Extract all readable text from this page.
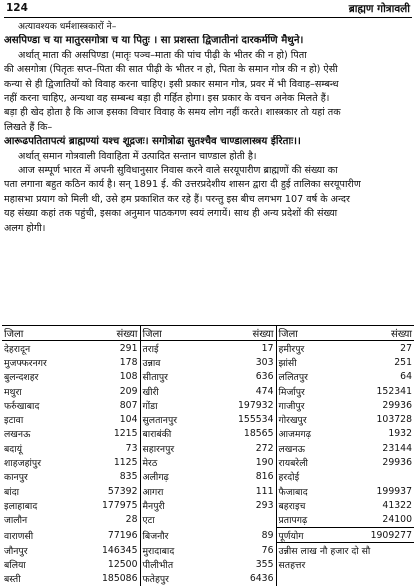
124	ब्राह्मण गोत्रावली

अत्यावश्यक धर्मशास्त्रकारों ने–

असपिण्डा च या मातुरसगोत्रा च या पितुः । सा प्रशस्ता द्विजातीनां दारकर्मणि मैथुने।

अर्थात् माता की असपिण्डा (मातृः पञ्च–माता की पांच पीढ़ी के भीतर की न हो) पिता

की असगोत्रा (पितृतः सप्त–पिता की सात पीढ़ी के भीतर न हो, पिता के समान गोत्र की न हो) ऐसी

कन्या से ही द्विजातियों को विवाह करना चाहिए। इसी प्रकार समान गोत्र, प्रवर में भी विवाह–सम्बन्ध

नहीं करना चाहिए, अन्यथा वह सम्बन्ध बड़ा ही गर्हित होगा। इस प्रकार के वचन अनेक मिलते हैं।

बड़ा ही खेद होता है कि आज इसका विचार विवाह के समय लोग नहीं करते। शास्त्रकार तो यहां तक

लिखते हैं कि–

आरूढपतितापत्यं ब्राह्मण्यां यश्च शूद्रजः। सगोत्रोढा सुतश्चैव चाण्डालास्त्रय ईरिताः।।

अर्थात् समान गोत्रवाली विवाहिता में उत्पादित सन्तान चाण्डाल होती है।

आज सम्पूर्ण भारत में अपनी सुविधानुसार निवास करने वाले सरयूपारीण ब्राह्मणों की संख्या का

पता लगाना बहुत कठिन कार्य है। सन् 1891 ई. की उत्तरप्रदेशीय शासन द्वारा दी हुई तालिका सरयूपारीण

महासभा प्रयाग को मिली थी, उसे हम प्रकाशित कर रहे हैं। परन्तु इस बीच लगभग 107 वर्ष के अन्दर

यह संख्या कहां तक पहुंची, इसका अनुमान पाठकगण स्वयं लगायें। साथ ही अन्य प्रदेशों की संख्या

अलग होगी।

जिला	संख्या	जिला	संख्या	जिला	संख्या
देहरादून	291	तराई	17	हमीरपुर	27
मुजफ्फरनगर	178	उन्नाव	303	झांसी	251
बुलन्दशहर	108	सीतापुर	636	ललितपुर	64
मथुरा	209	खीरी	474	मिर्जापुर	152341
फर्रुखाबाद	807	गोंडा	197932	गाजीपुर	29936
इटावा	104	सुलतानपुर	155534	गोरखपुर	103728
लखनऊ	1215	बाराबंकी	18565	आजमगढ़	1932
बदायूं	73	सहारनपुर	272	लखनऊ	23144
शाहजहांपुर	1125	मेरठ	190	रायबरेली	29936
कानपुर	835	अलीगढ़	816	हरदोई	
बांदा	57392	आगरा	111	फैजाबाद	199937
इलाहाबाद	177975	मैनपुरी	293	बहराइच	41322
जालौन	28	एटा		प्रतापगढ़	24100
वाराणसी	77196	बिजनौर	89	पूर्णयोग	1909277
जौनपुर	146345	मुरादाबाद	76	उन्नीस लाख नौ हजार दो सौ	
बलिया	12500	पीलीभीत	355	सतहत्तर	
बस्ती	185086	फतेहपुर	6436		
